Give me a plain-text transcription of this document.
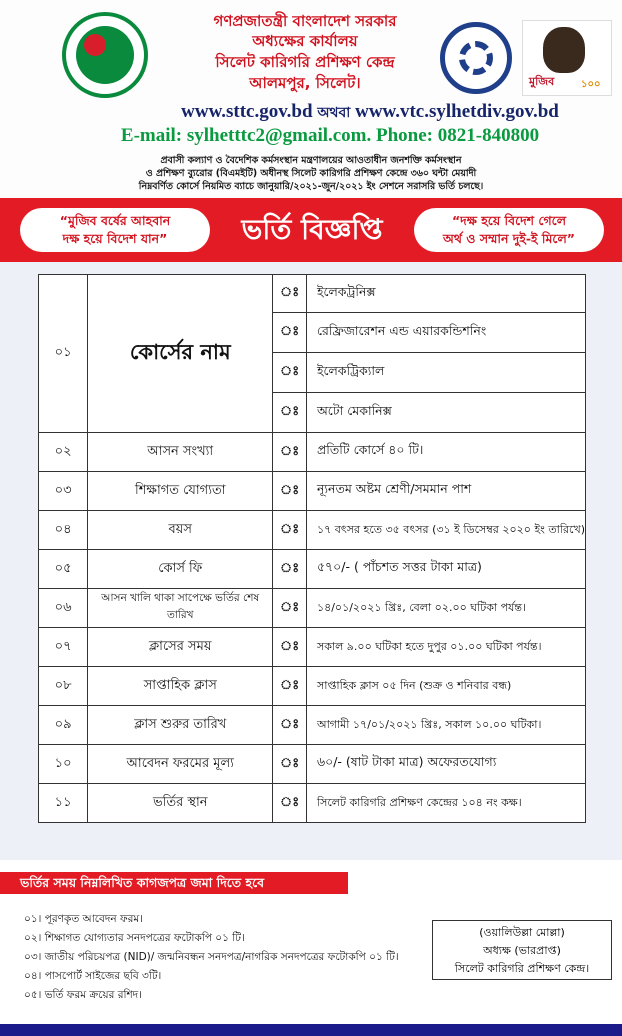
গণপ্রজাতন্ত্রী বাংলাদেশ সরকার
অধ্যক্ষের কার্যালয়
সিলেট কারিগরি প্রশিক্ষণ কেন্দ্র
আলমপুর, সিলেট।	মুজিব	১০০
www.sttc.gov.bd অথবা www.vtc.sylhetdiv.gov.bd
E-mail: sylhetttc2@gmail.com. Phone: 0821-840800
প্রবাসী কল্যাণ ও বৈদেশিক কর্মসংস্থান মন্ত্রণালয়ের আওতাধীন জনশক্তি কর্মসংস্থান
ও প্রশিক্ষণ ব্যুরোর (বিএমইটি) অধীনস্থ সিলেট কারিগরি প্রশিক্ষণ কেন্দ্রে ৩৬০ ঘন্টা মেয়াদী
নিম্নবর্ণিত কোর্সে নিয়মিত ব্যাচে জানুয়ারি/২০২১-জুন/২০২১ ইং সেশনে সরাসরি ভর্তি চলছে।
“মুজিব বর্ষের আহবান
দক্ষ হয়ে বিদেশ যান”	ভর্তি বিজ্ঞপ্তি	“দক্ষ হয়ে বিদেশ গেলে
অর্থ ও সম্মান দুই-ই মিলে”
০১	কোর্সের নাম	ঃ	ইলেকট্রনিক্স
		ঃ	রেফ্রিজারেশন এন্ড এয়ারকন্ডিশনিং
		ঃ	ইলেকট্রিক্যাল
		ঃ	অটো মেকানিক্স
০২	আসন সংখ্যা	ঃ	প্রতিটি কোর্সে ৪০ টি।
০৩	শিক্ষাগত যোগ্যতা	ঃ	ন্যূনতম অষ্টম শ্রেণী/সমমান পাশ
০৪	বয়স	ঃ	১৭ বৎসর হতে ৩৫ বৎসর (৩১ ই ডিসেম্বর ২০২০ ইং তারিখে)
০৫	কোর্স ফি	ঃ	৫৭০/- ( পাঁচশত সত্তর টাকা মাত্র)
০৬	আসন খালি থাকা সাপেক্ষে ভর্তির শেষ তারিখ	ঃ	১৪/০১/২০২১ খ্রিঃ, বেলা ০২.০০ ঘটিকা পর্যন্ত।
০৭	ক্লাসের সময়	ঃ	সকাল ৯.০০ ঘটিকা হতে দুপুর ০১.০০ ঘটিকা পর্যন্ত।
০৮	সাপ্তাহিক ক্লাস	ঃ	সাপ্তাহিক ক্লাস ০৫ দিন (শুক্র ও শনিবার বন্ধ)
০৯	ক্লাস শুরুর তারিখ	ঃ	আগামী ১৭/০১/২০২১ খ্রিঃ, সকাল ১০.০০ ঘটিকা।
১০	আবেদন ফরমের মূল্য	ঃ	৬০/- (ষাট টাকা মাত্র) অফেরতযোগ্য
১১	ভর্তির স্থান	ঃ	সিলেট কারিগরি প্রশিক্ষণ কেন্দ্রের ১০৪ নং কক্ষ।
ভর্তির সময় নিম্নলিখিত কাগজপত্র জমা দিতে হবে
০১। পূরণকৃত আবেদন ফরম।
০২। শিক্ষাগত যোগ্যতার সনদপত্রের ফটোকপি ০১ টি।
০৩। জাতীয় পরিচয়পত্র (NID)/ জন্মনিবন্ধন সনদপত্র/নাগরিক সনদপত্রের ফটোকপি ০১ টি।
০৪। পাসপোর্ট সাইজের ছবি ৩টি।
০৫। ভর্তি ফরম ক্রয়ের রশিদ।
(ওয়ালিউল্লা মোল্লা)
অধ্যক্ষ (ভারপ্রাপ্ত)
সিলেট কারিগরি প্রশিক্ষণ কেন্দ্র।
